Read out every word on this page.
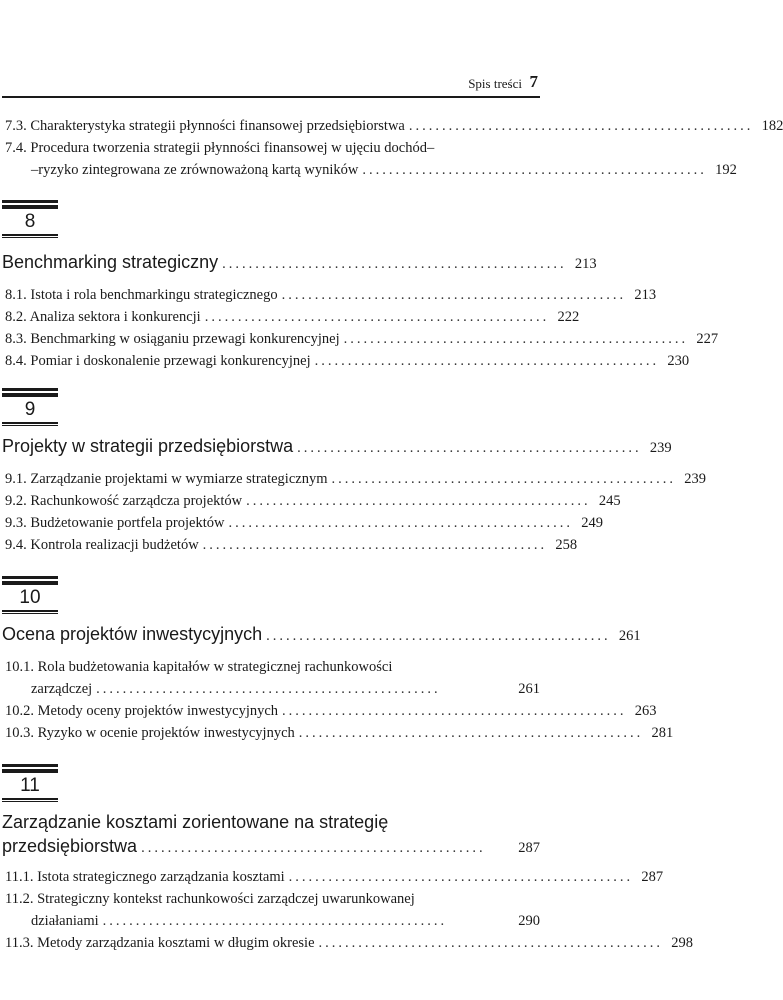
Spis treści 7
7.3. Charakterystyka strategii płynności finansowej przedsiębiorstwa .................................................... 182
7.4. Procedura tworzenia strategii płynności finansowej w ujęciu dochód–
–ryzyko zintegrowana ze zrównoważoną kartą wyników .................................................... 192
8
Benchmarking strategiczny .................................................... 213
8.1. Istota i rola benchmarkingu strategicznego .................................................... 213
8.2. Analiza sektora i konkurencji .................................................... 222
8.3. Benchmarking w osiąganiu przewagi konkurencyjnej .................................................... 227
8.4. Pomiar i doskonalenie przewagi konkurencyjnej .................................................... 230
9
Projekty w strategii przedsiębiorstwa .................................................... 239
9.1. Zarządzanie projektami w wymiarze strategicznym .................................................... 239
9.2. Rachunkowość zarządcza projektów .................................................... 245
9.3. Budżetowanie portfela projektów .................................................... 249
9.4. Kontrola realizacji budżetów .................................................... 258
10
Ocena projektów inwestycyjnych .................................................... 261
10.1. Rola budżetowania kapitałów w strategicznej rachunkowości
zarządczej ....................................................	261
10.2. Metody oceny projektów inwestycyjnych .................................................... 263
10.3. Ryzyko w ocenie projektów inwestycyjnych .................................................... 281
11
Zarządzanie kosztami zorientowane na strategię
przedsiębiorstwa ....................................................	287
11.1. Istota strategicznego zarządzania kosztami .................................................... 287
11.2. Strategiczny kontekst rachunkowości zarządczej uwarunkowanej
działaniami ....................................................	290
11.3. Metody zarządzania kosztami w długim okresie .................................................... 298
